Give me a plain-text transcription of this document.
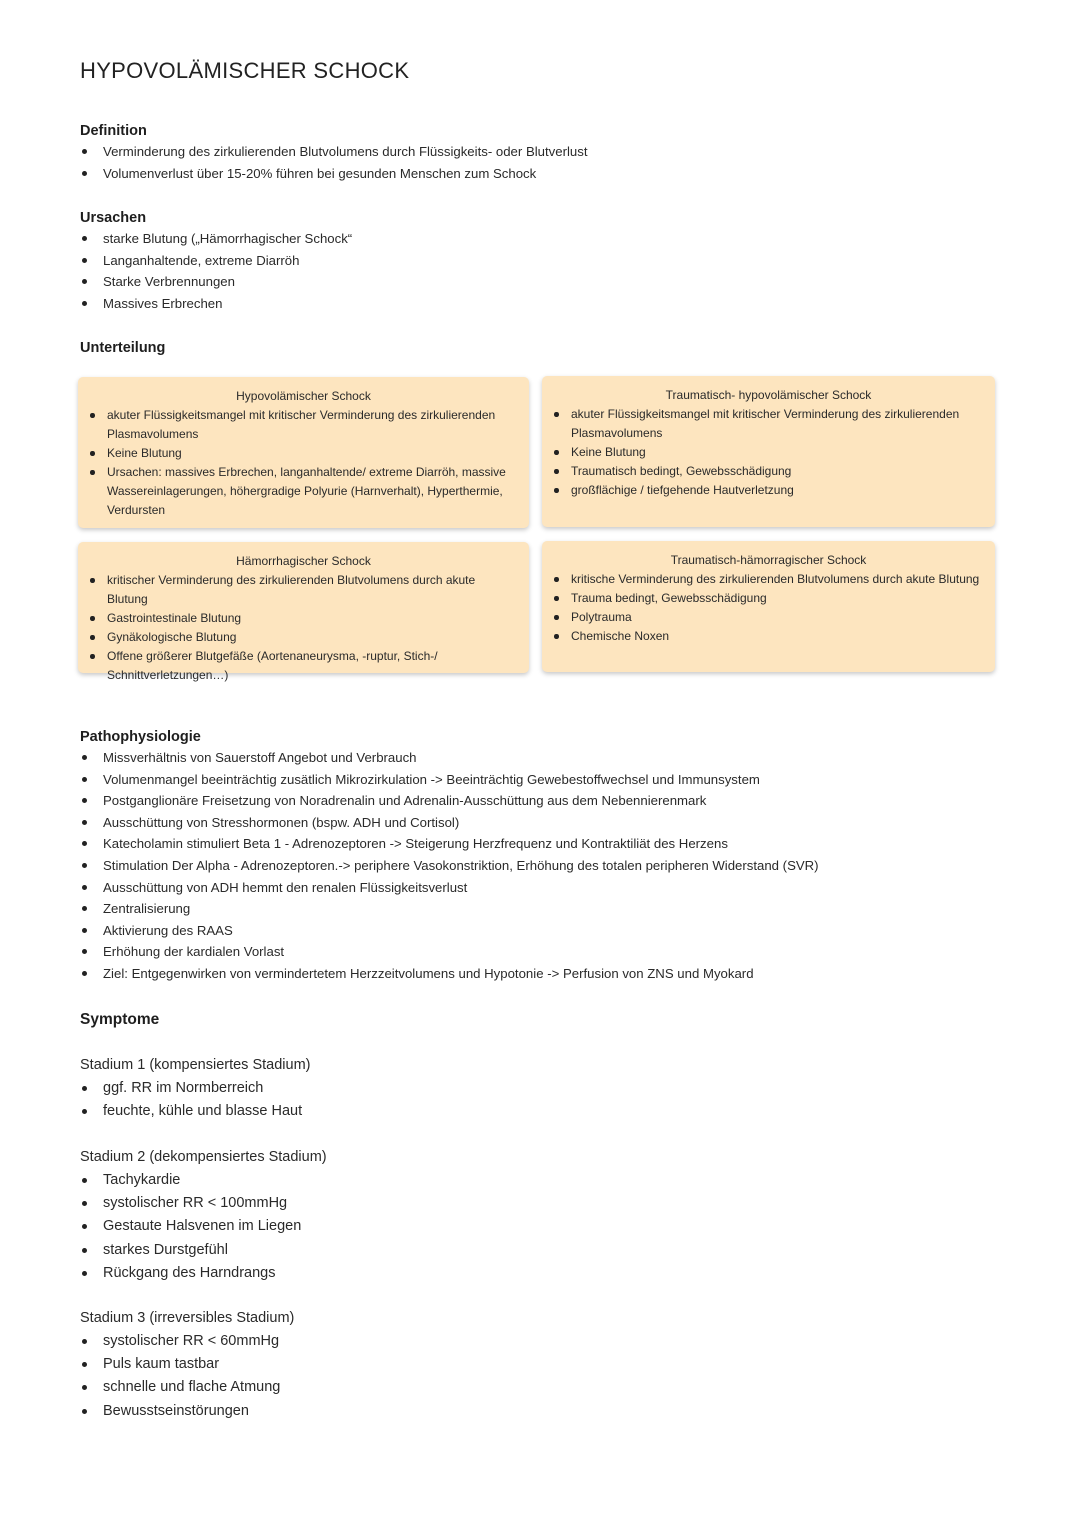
HYPOVOLÄMISCHER SCHOCK

Definition

Verminderung des zirkulierenden Blutvolumens durch Flüssigkeits- oder Blutverlust
Volumenverlust über 15-20% führen bei gesunden Menschen zum Schock

Ursachen

starke Blutung („Hämorrhagischer Schock“
Langanhaltende, extreme Diarröh
Starke Verbrennungen
Massives Erbrechen

Unterteilung

Hypovolämischer Schock

akuter Flüssigkeitsmangel mit kritischer Verminderung des zirkulierenden Plasmavolumens
Keine Blutung
Ursachen: massives Erbrechen, langanhaltende/ extreme Diarröh, massive Wassereinlagerungen, höhergradige Polyurie (Harnverhalt), Hyperthermie, Verdursten

Traumatisch- hypovolämischer Schock

akuter Flüssigkeitsmangel mit kritischer Verminderung des zirkulierenden Plasmavolumens
Keine Blutung
Traumatisch bedingt, Gewebsschädigung
großflächige / tiefgehende Hautverletzung

Hämorrhagischer Schock

kritischer Verminderung des zirkulierenden Blutvolumens durch akute Blutung
Gastrointestinale Blutung
Gynäkologische Blutung
Offene größerer Blutgefäße (Aortenaneurysma, -ruptur, Stich-/ Schnittverletzungen…)

Traumatisch-hämorragischer Schock

kritische Verminderung des zirkulierenden Blutvolumens durch akute Blutung
Trauma bedingt, Gewebsschädigung
Polytrauma
Chemische Noxen

Pathophysiologie

Missverhältnis von Sauerstoff Angebot und Verbrauch
Volumenmangel beeinträchtig zusätlich Mikrozirkulation -> Beeinträchtig Gewebestoffwechsel und Immunsystem
Postganglionäre Freisetzung von Noradrenalin und Adrenalin-Ausschüttung aus dem Nebennierenmark
Ausschüttung von Stresshormonen (bspw. ADH und Cortisol)
Katecholamin stimuliert Beta 1 - Adrenozeptoren -> Steigerung Herzfrequenz und Kontraktiliät des Herzens
Stimulation Der Alpha - Adrenozeptoren.-> periphere Vasokonstriktion, Erhöhung des totalen peripheren Widerstand (SVR)
Ausschüttung von ADH hemmt den renalen Flüssigkeitsverlust
Zentralisierung
Aktivierung des RAAS
Erhöhung der kardialen Vorlast
Ziel: Entgegenwirken von vermindertetem Herzzeitvolumens und Hypotonie -> Perfusion von ZNS und Myokard

Symptome

Stadium 1 (kompensiertes Stadium)

ggf. RR im Normberreich
feuchte, kühle und blasse Haut

Stadium 2 (dekompensiertes Stadium)

Tachykardie
systolischer RR < 100mmHg
Gestaute Halsvenen im Liegen
starkes Durstgefühl
Rückgang des Harndrangs

Stadium 3 (irreversibles Stadium)

systolischer RR < 60mmHg
Puls kaum tastbar
schnelle und flache Atmung
Bewusstseinstörungen
